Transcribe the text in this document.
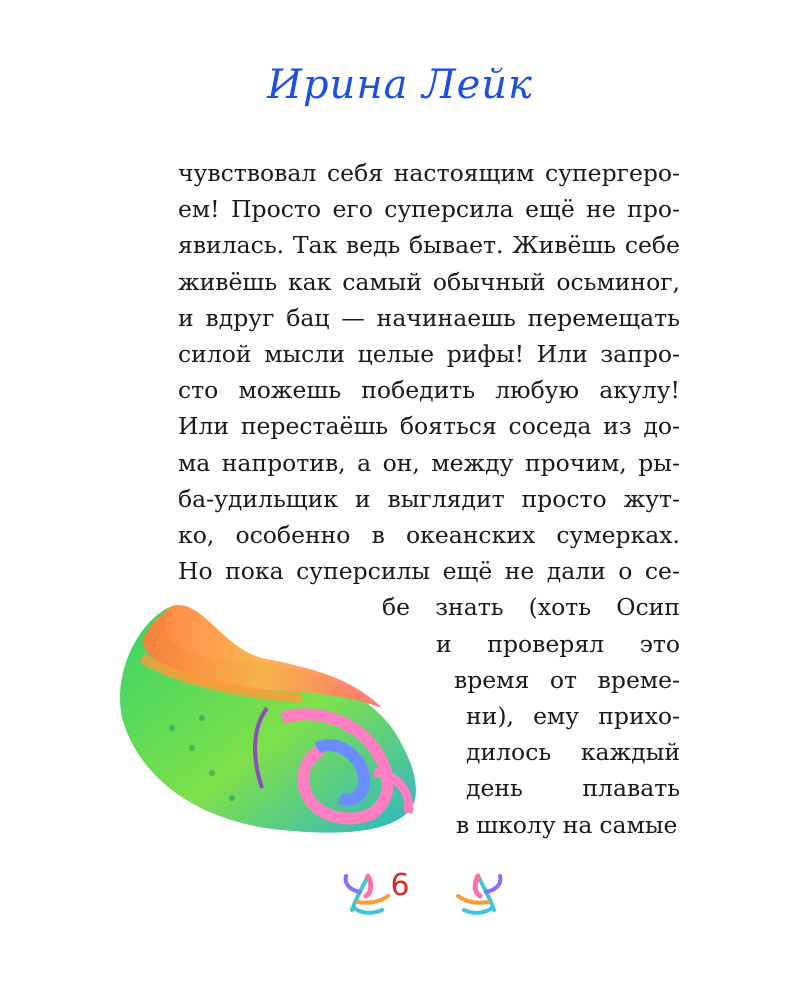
Ирина Лейк
чувствовал себя настоящим супергеро-
ем! Просто его суперсила ещё не про-
явилась. Так ведь бывает. Живёшь себе
живёшь как самый обычный осьминог,
и вдруг бац — начинаешь перемещать
силой мысли целые рифы! Или запро-
сто можешь победить любую акулу!
Или перестаёшь бояться соседа из до-
ма напротив, а он, между прочим, ры-
ба-удильщик и выглядит просто жут-
ко, особенно в океанских сумерках.
Но пока суперсилы ещё не дали о се-
бе знать (хоть Осип
и проверял это
время от време-
ни), ему прихо-
дилось каждый
день	плавать
в школу на самые
6
